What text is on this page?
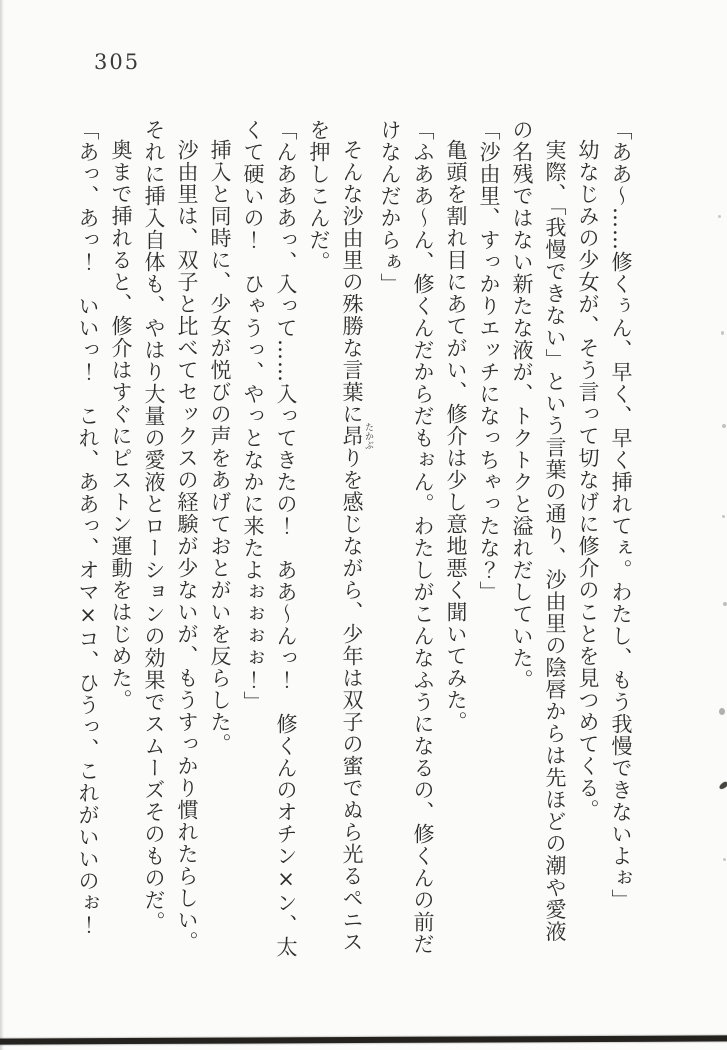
305

「ああ〜……修くぅん、早く、早く挿れてぇ。わたし、もう我慢できないよぉ」

幼なじみの少女が、そう言って切なげに修介のことを見つめてくる。

実際、「我慢できない」という言葉の通り、沙由里の陰唇からは先ほどの潮や愛液

の名残ではない新たな液が、トクトクと溢れだしていた。

「沙由里、すっかりエッチになっちゃったな？」

亀頭を割れ目にあてがい、修介は少し意地悪く聞いてみた。

「ふああ〜ん、修くんだからだもぉん。わたしがこんなふうになるの、修くんの前だ

けなんだからぁ」

そんな沙由里の殊勝な言葉に昂 たかぶりを感じながら、少年は双子の蜜でぬら光るペニス

を押しこんだ。

「んあああっ、入って……入ってきたの！　ああ〜んっ！　修くんのオチン×ン、太

くて硬いの！　ひゃうっ、やっとなかに来たよぉぉぉぉ！」

挿入と同時に、少女が悦びの声をあげておとがいを反らした。

沙由里は、双子と比べてセックスの経験が少ないが、もうすっかり慣れたらしい。

それに挿入自体も、やはり大量の愛液とローションの効果でスムーズそのものだ。

奥まで挿れると、修介はすぐにピストン運動をはじめた。

「あっ、あっ！　いいっ！　これ、ああっ、オマ×コ、ひうっ、これがいいのぉ！
